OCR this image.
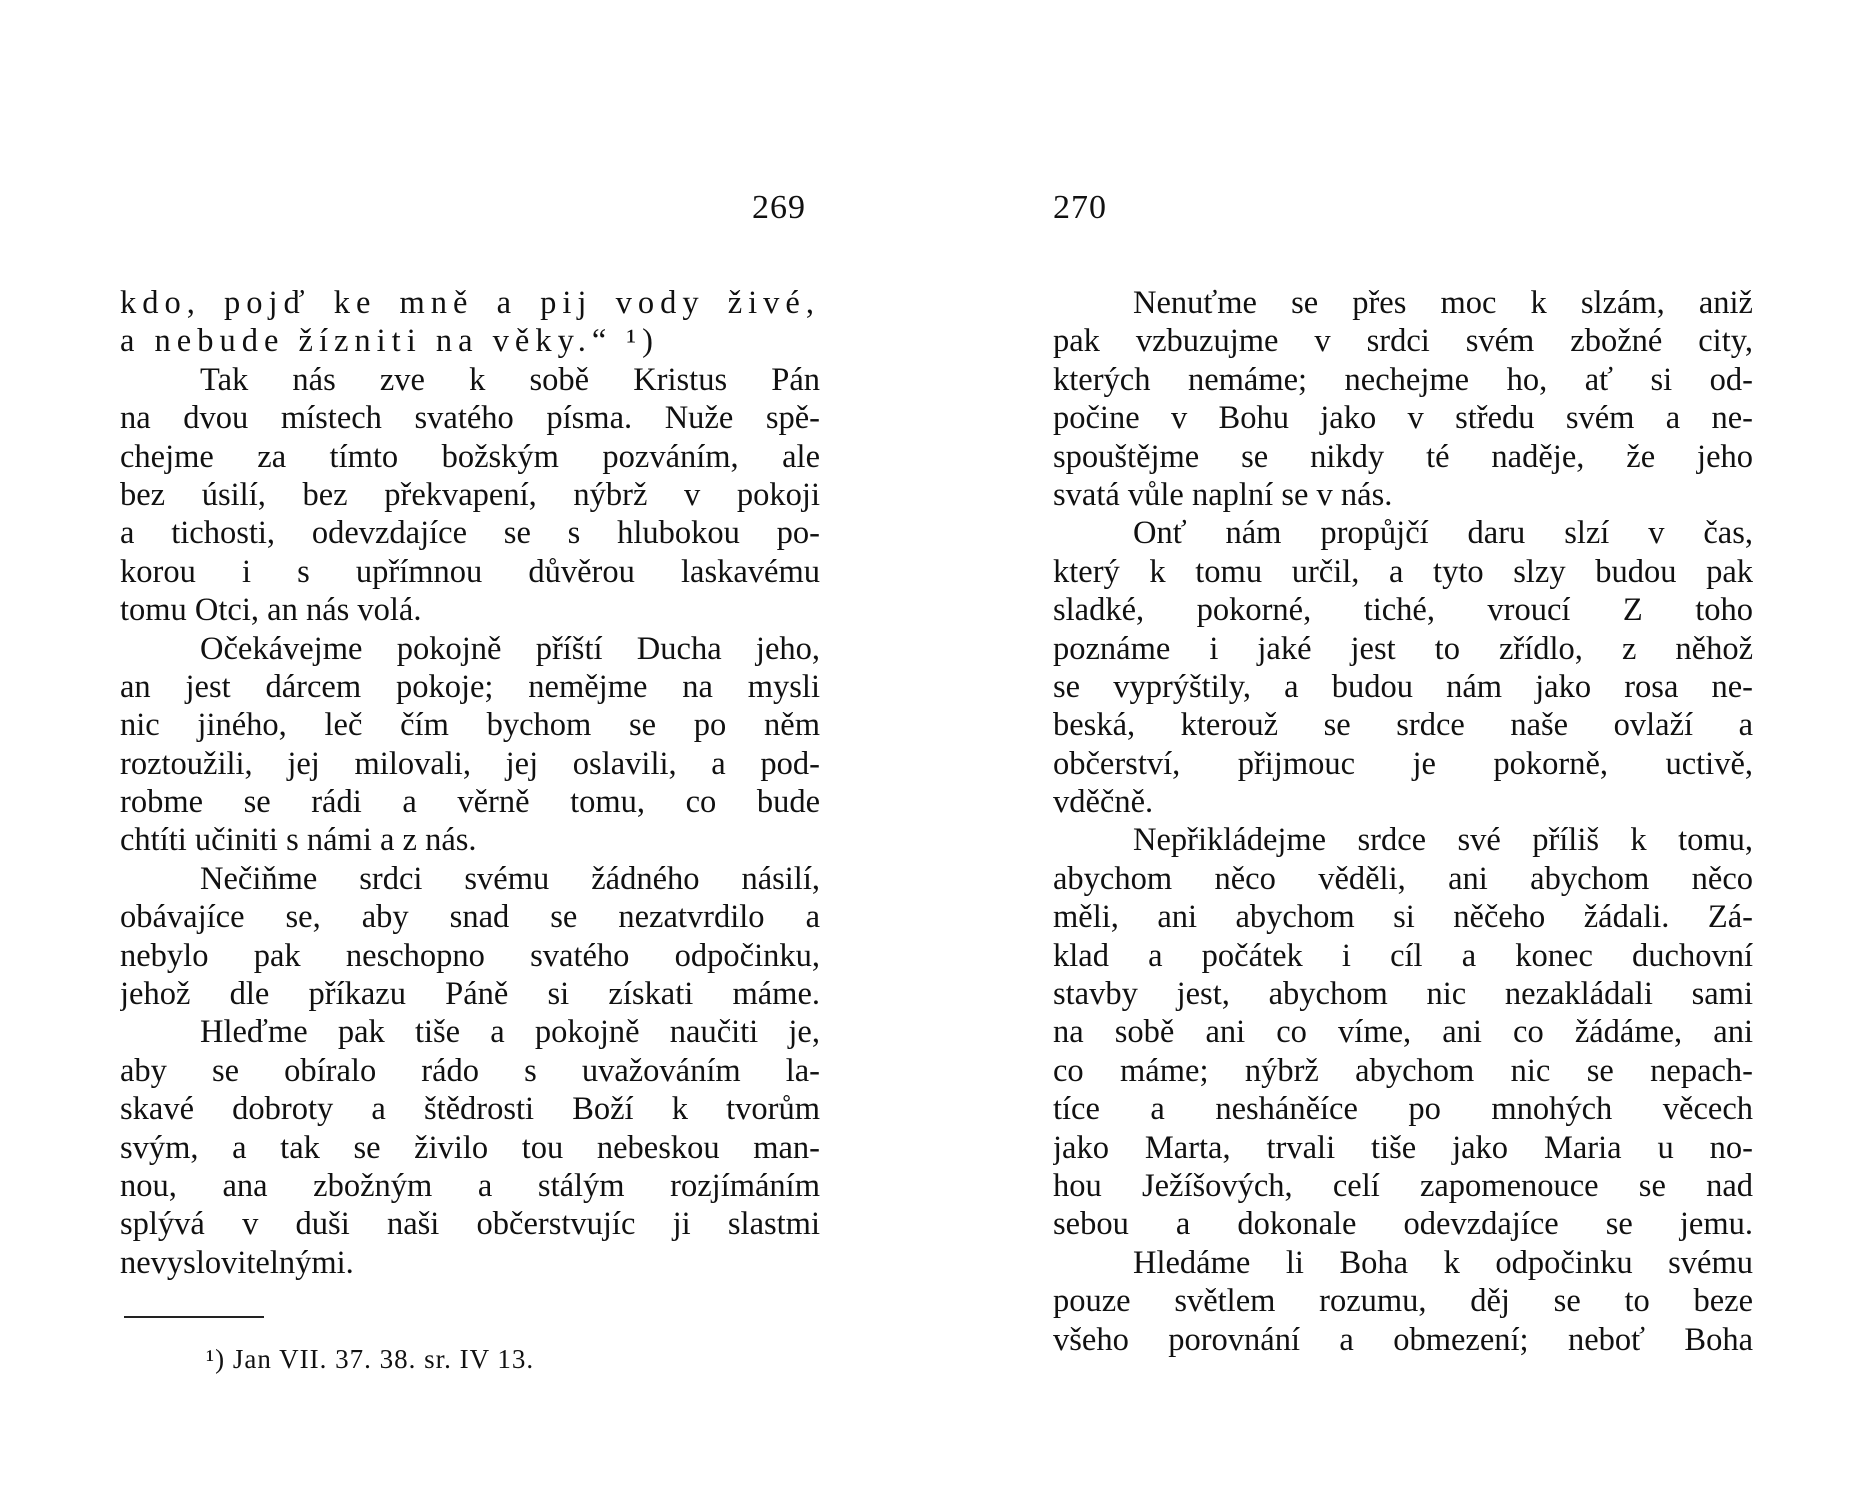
269
kdo, pojď ke mně a pij vody živé,
a nebude žízniti na věky.“ ¹)
Tak nás zve k sobě Kristus Pán
na dvou místech svatého písma. Nuže spě-
chejme za tímto božským pozváním, ale
bez úsilí, bez překvapení, nýbrž v pokoji
a tichosti, odevzdajíce se s hlubokou po-
korou i s upřímnou důvěrou laskavému
tomu Otci, an nás volá.
Očekávejme pokojně příští Ducha jeho,
an jest dárcem pokoje; nemějme na mysli
nic jiného, leč čím bychom se po něm
roztoužili, jej milovali, jej oslavili, a pod-
robme se rádi a věrně tomu, co bude
chtíti učiniti s námi a z nás.
Nečiňme srdci svému žádného násilí,
obávajíce se, aby snad se nezatvrdilo a
nebylo pak neschopno svatého odpočinku,
jehož dle příkazu Páně si získati máme.
Hleďme pak tiše a pokojně naučiti je,
aby se obíralo rádo s uvažováním la-
skavé dobroty a štědrosti Boží k tvorům
svým, a tak se živilo tou nebeskou man-
nou, ana zbožným a stálým rozjímáním
splývá v duši naši občerstvujíc ji slastmi
nevyslovitelnými.
¹) Jan VII. 37. 38. sr. IV 13.
270
Nenuťme se přes moc k slzám, aniž
pak vzbuzujme v srdci svém zbožné city,
kterých nemáme; nechejme ho, ať si od-
počine v Bohu jako v středu svém a ne-
spouštějme se nikdy té naděje, že jeho
svatá vůle naplní se v nás.
Onť nám propůjčí daru slzí v čas,
který k tomu určil, a tyto slzy budou pak
sladké, pokorné, tiché, vroucí Z toho
poznáme i jaké jest to zřídlo, z něhož
se vyprýštily, a budou nám jako rosa ne-
beská, kterouž se srdce naše ovlaží a
občerství, přijmouc je pokorně, uctivě,
vděčně.
Nepřikládejme srdce své příliš k tomu,
abychom něco věděli, ani abychom něco
měli, ani abychom si něčeho žádali. Zá-
klad a počátek i cíl a konec duchovní
stavby jest, abychom nic nezakládali sami
na sobě ani co víme, ani co žádáme, ani
co máme; nýbrž abychom nic se nepach-
tíce a nesháněíce po mnohých věcech
jako Marta, trvali tiše jako Maria u no-
hou Ježíšových, celí zapomenouce se nad
sebou a dokonale odevzdajíce se jemu.
Hledáme li Boha k odpočinku svému
pouze světlem rozumu, děj se to beze
všeho porovnání a obmezení; neboť Boha
